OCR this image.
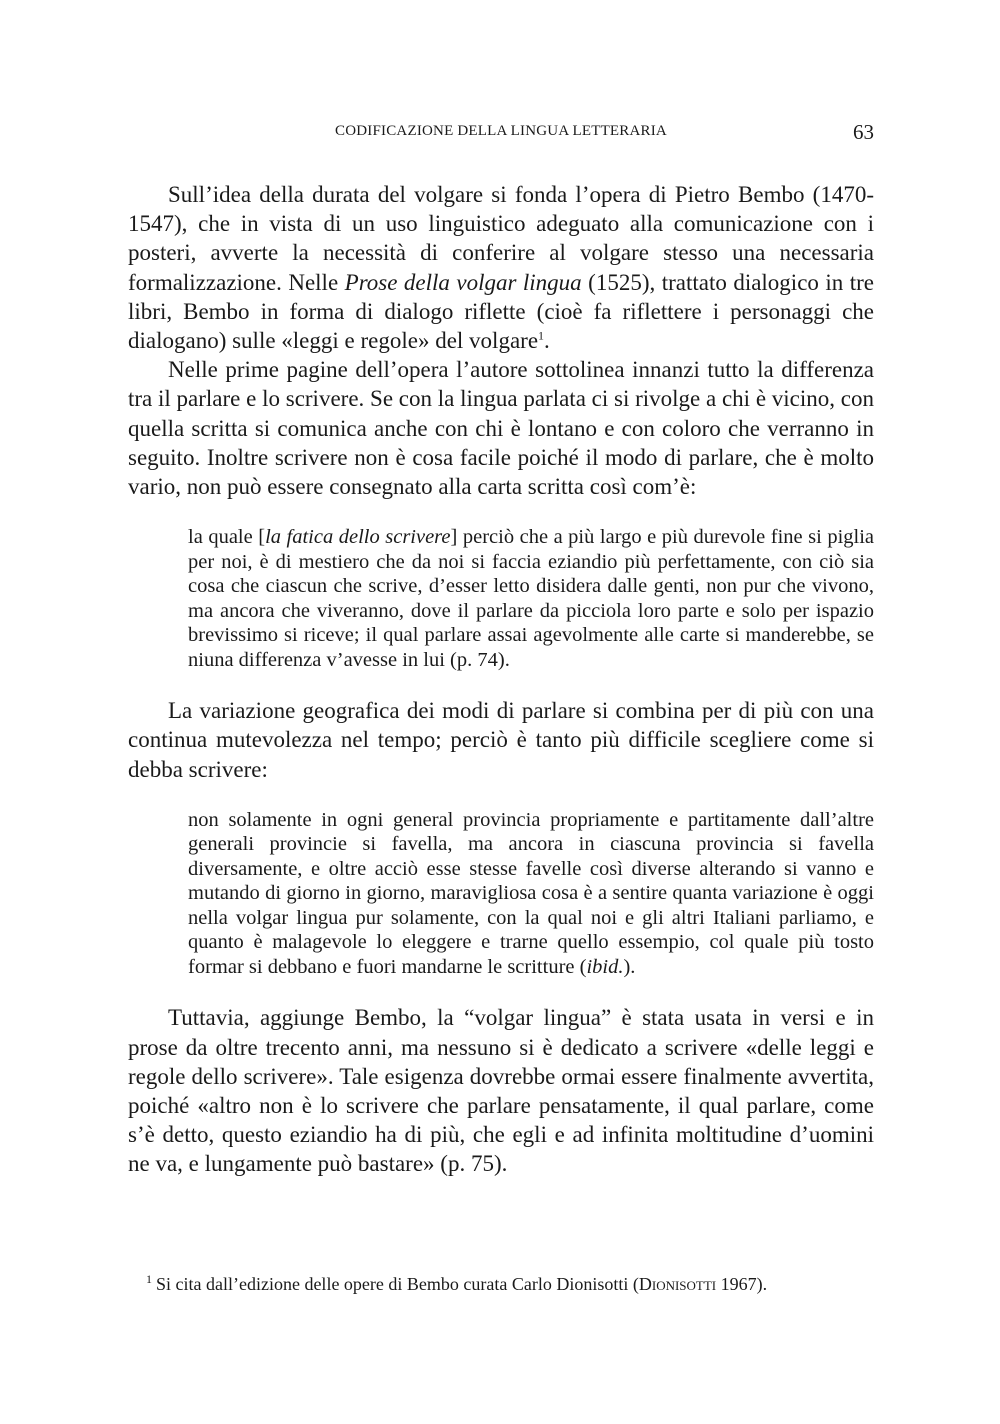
CODIFICAZIONE DELLA LINGUA LETTERARIA	63

Sull’idea della durata del volgare si fonda l’opera di Pietro Bembo (1470-1547), che in vista di un uso linguistico adeguato alla comunicazione con i posteri, avverte la necessità di conferire al volgare stesso una necessaria formalizzazione. Nelle Prose della volgar lingua (1525), trattato dialogico in tre libri, Bembo in forma di dialogo riflette (cioè fa riflettere i personaggi che dialogano) sulle «leggi e regole» del volgare$^1$.

Nelle prime pagine dell’opera l’autore sottolinea innanzi tutto la differenza tra il parlare e lo scrivere. Se con la lingua parlata ci si rivolge a chi è vicino, con quella scritta si comunica anche con chi è lontano e con coloro che verranno in seguito. Inoltre scrivere non è cosa facile poiché il modo di parlare, che è molto vario, non può essere consegnato alla carta scritta così com’è:

la quale [la fatica dello scrivere] perciò che a più largo e più durevole fine si piglia per noi, è di mestiero che da noi si faccia eziandio più perfettamente, con ciò sia cosa che ciascun che scrive, d’esser letto disidera dalle genti, non pur che vivono, ma ancora che viveranno, dove il parlare da picciola loro parte e solo per ispazio brevissimo si riceve; il qual parlare assai agevolmente alle carte si manderebbe, se niuna differenza v’avesse in lui (p. 74).

La variazione geografica dei modi di parlare si combina per di più con una continua mutevolezza nel tempo; perciò è tanto più difficile scegliere come si debba scrivere:

non solamente in ogni general provincia propriamente e partitamente dall’altre generali provincie si favella, ma ancora in ciascuna provincia si favella diversamente, e oltre acciò esse stesse favelle così diverse alterando si vanno e mutando di giorno in giorno, maravigliosa cosa è a sentire quanta variazione è oggi nella volgar lingua pur solamente, con la qual noi e gli altri Italiani parliamo, e quanto è malagevole lo eleggere e trarne quello essempio, col quale più tosto formar si debbano e fuori mandarne le scritture (ibid.).

Tuttavia, aggiunge Bembo, la “volgar lingua” è stata usata in versi e in prose da oltre trecento anni, ma nessuno si è dedicato a scrivere «delle leggi e regole dello scrivere». Tale esigenza dovrebbe ormai essere finalmente avvertita, poiché «altro non è lo scrivere che parlare pensatamente, il qual parlare, come s’è detto, questo eziandio ha di più, che egli e ad infinita moltitudine d’uomini ne va, e lungamente può bastare» (p. 75).

$^1$ Si cita dall’edizione delle opere di Bembo curata Carlo Dionisotti (Dionisotti 1967).
